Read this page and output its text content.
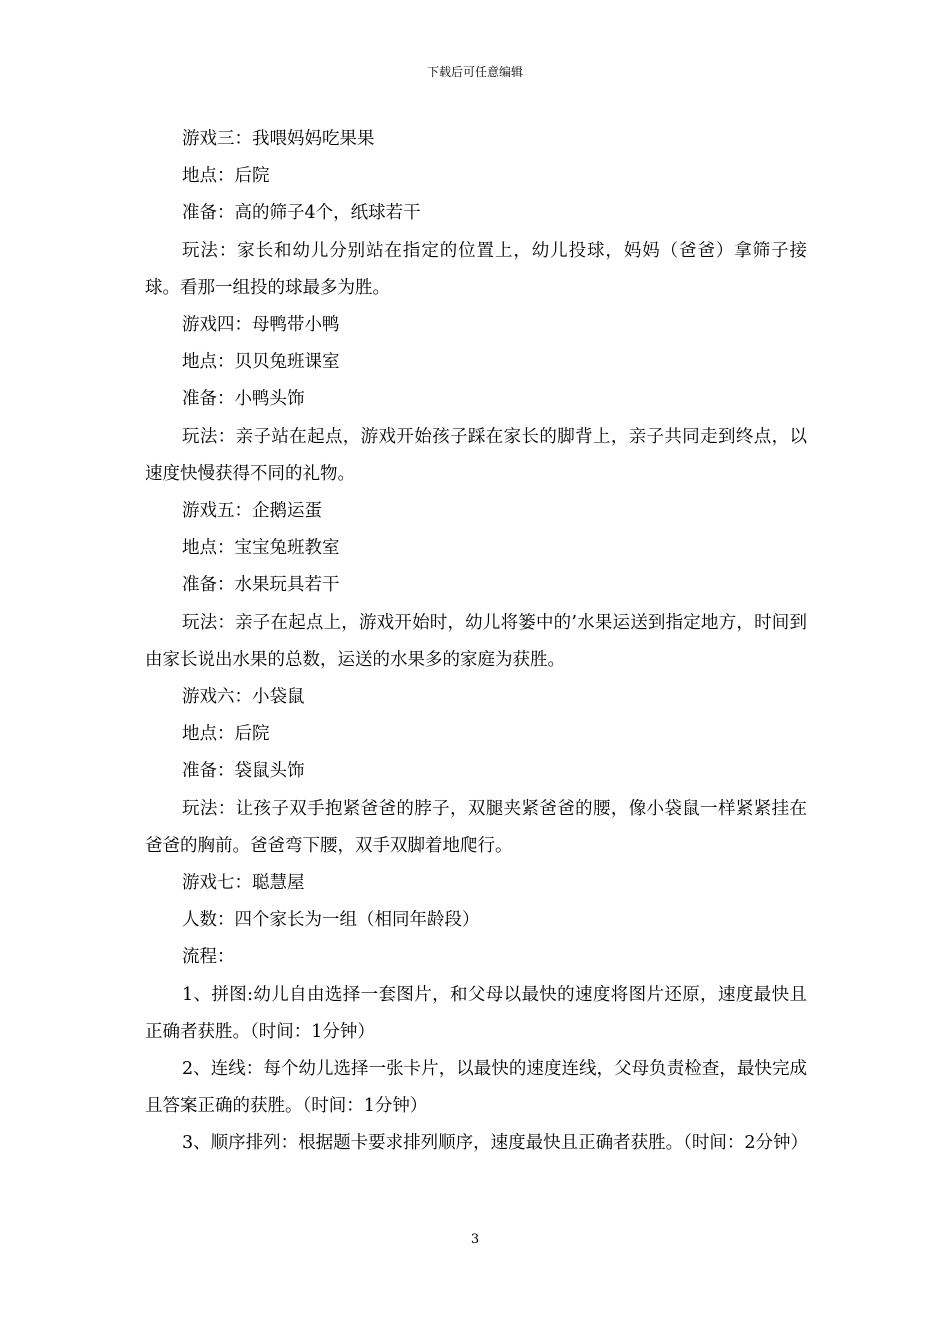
下载后可任意编辑

游戏三：我喂妈妈吃果果

地点：后院

准备：高的筛子4个，纸球若干

玩法：家长和幼儿分别站在指定的位置上，幼儿投球，妈妈（爸爸）拿筛子接球。看那一组投的球最多为胜。

游戏四：母鸭带小鸭

地点：贝贝兔班课室

准备：小鸭头饰

玩法：亲子站在起点，游戏开始孩子踩在家长的脚背上，亲子共同走到终点，以速度快慢获得不同的礼物。

游戏五：企鹅运蛋

地点：宝宝兔班教室

准备：水果玩具若干

玩法：亲子在起点上，游戏开始时，幼儿将篓中的’水果运送到指定地方，时间到由家长说出水果的总数，运送的水果多的家庭为获胜。

游戏六：小袋鼠

地点：后院

准备：袋鼠头饰

玩法：让孩子双手抱紧爸爸的脖子，双腿夹紧爸爸的腰，像小袋鼠一样紧紧挂在爸爸的胸前。爸爸弯下腰，双手双脚着地爬行。

游戏七：聪慧屋

人数：四个家长为一组（相同年龄段）

流程：

1、拼图:幼儿自由选择一套图片，和父母以最快的速度将图片还原，速度最快且正确者获胜。（时间：1分钟）

2、连线：每个幼儿选择一张卡片，以最快的速度连线，父母负责检查，最快完成且答案正确的获胜。（时间：1分钟）

3、顺序排列：根据题卡要求排列顺序，速度最快且正确者获胜。（时间：2分钟）

3
